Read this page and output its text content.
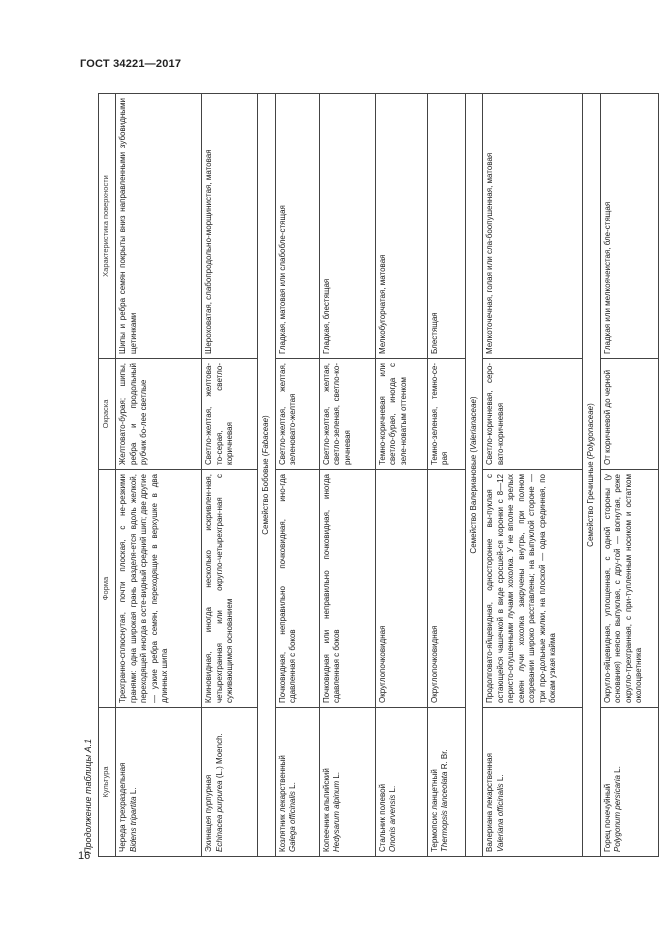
ГОСТ 34221—2017
Продолжение таблицы А.1 Культура	Форма	Окраска	Характеристика поверхности

Череда трехраздельная Bidens tripartita L.	Трехгранно-сплюснутая, почти плоская, с не-резкими гранями: одна широкая грань разделя-ется вдоль желкой, переходящей иногда в осте-видный средний шип; две другие — узкие ребра семян, переходящие в верхушке в два длинных шипа	Желтовато-бурая; шипы, ребра и продольный рубчик бо-лее светлые	Шипы и ребра семян покрыты вниз направленными зубовидными щетинками

Эхинацея пурпурная Echinacea purpurea (L.) Moench.	Клиновидная, иногда несколько искривлен-ная, четырехгранная или округло-четырехгран-ная с суживающимся основанием	Светло-желтая, желтова-то-серая, светло-коричневая	Шероховатая, слабопродольно-морщинистая, матовая
Семейство Бобовые (Fabaceae)			

Козлятник лекарственный Galega officinalis L.	Почковидная, неправильно почковидная, ино-гда сдавленная с боков	Светло-желтая, желтая, зеленовато-желтая	Гладкая, матовая или слабоблe-стящая

Копеечник альпийский Hedysarum alpinum L.	Почковидная или неправильно почковидная, иногда сдавленная с боков	Светло-желтая, желтая, светло-зеленая, светло-ко-ричневая	Гладкая, блестящая

Стальник полевой Ononis arvensis L.	Округлопочковидная	Темно-коричневая или светло-бурая, иногда с зеле-новатым оттенком	Мелкобугорчатая, матовая

Термопсис ланцетный Thermopsis lanceolata R. Br.	Округлопочковидная	Темно-зеленая, темно-се-рая	Блестящая
Семейство Валериановые (Valerianaceae)			

Валериана лекарственная Valeriana officinalis L.	Продолговато-яйцевидная, односторонне вы-пуклая с остающейся чашечкой в виде сросшей-ся коронки с 8—12 перисто-опушенными лучами хохолка. У не вполне зрелых семян лучи хохолка закручены внутрь, при полном созревании широко расставлены; на выпуклой стороне — три про-дольные жилки, на плоской — одна срединная, по бокам узкая кайма	Светло-коричневая, серо-вато-коричневая	Мелкоточечная, голая или сла-боопушенная, матовая
Семейство Гречишные (Polygonaceae)			

Горец почечуйный Polygonum persicaria L.	Округло-яйцевидная, уплощенная, с одной стороны (у основания) неясно выпуклая, с дру-гой — вогнутая, реже округло-трехгранная, с при-тупленным носиком и остатком околоцветника	От коричневой до черной	Гладкая или мелкоячеистая, бле-стящая
16
